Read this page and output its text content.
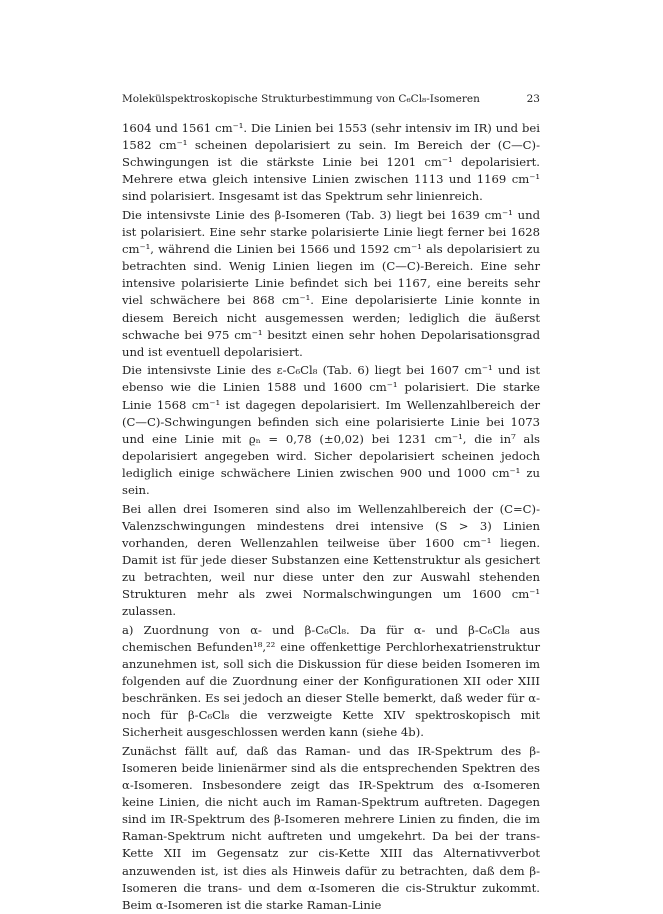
Molekülspektroskopische Strukturbestimmung von C₆Cl₈-Isomeren	23

1604 und 1561 cm⁻¹. Die Linien bei 1553 (sehr intensiv im IR) und bei 1582 cm⁻¹ scheinen depolarisiert zu sein. Im Bereich der (C—C)-Schwingungen ist die stärkste Linie bei 1201 cm⁻¹ depolarisiert. Mehrere etwa gleich intensive Linien zwischen 1113 und 1169 cm⁻¹ sind polarisiert. Insgesamt ist das Spektrum sehr linienreich.

Die intensivste Linie des β-Isomeren (Tab. 3) liegt bei 1639 cm⁻¹ und ist polarisiert. Eine sehr starke polarisierte Linie liegt ferner bei 1628 cm⁻¹, während die Linien bei 1566 und 1592 cm⁻¹ als depolarisiert zu betrachten sind. Wenig Linien liegen im (C—C)-Bereich. Eine sehr intensive polarisierte Linie befindet sich bei 1167, eine bereits sehr viel schwächere bei 868 cm⁻¹. Eine depolarisierte Linie konnte in diesem Bereich nicht ausgemessen werden; lediglich die äußerst schwache bei 975 cm⁻¹ besitzt einen sehr hohen Depolarisationsgrad und ist eventuell depolarisiert.

Die intensivste Linie des ε-C₆Cl₈ (Tab. 6) liegt bei 1607 cm⁻¹ und ist ebenso wie die Linien 1588 und 1600 cm⁻¹ polarisiert. Die starke Linie 1568 cm⁻¹ ist dagegen depolarisiert. Im Wellenzahlbereich der (C—C)-Schwingungen befinden sich eine polarisierte Linie bei 1073 und eine Linie mit ϱₙ = 0,78 (±0,02) bei 1231 cm⁻¹, die in⁷ als depolarisiert angegeben wird. Sicher depolarisiert scheinen jedoch lediglich einige schwächere Linien zwischen 900 und 1000 cm⁻¹ zu sein.

Bei allen drei Isomeren sind also im Wellenzahlbereich der (C=C)-Valenzschwingungen mindestens drei intensive (S > 3) Linien vorhanden, deren Wellenzahlen teilweise über 1600 cm⁻¹ liegen. Damit ist für jede dieser Substanzen eine Kettenstruktur als gesichert zu betrachten, weil nur diese unter den zur Auswahl stehenden Strukturen mehr als zwei Normalschwingungen um 1600 cm⁻¹ zulassen.

a) Zuordnung von α- und β-C₆Cl₈. Da für α- und β-C₆Cl₈ aus chemischen Befunden¹⁸,²² eine offenkettige Perchlorhexatrienstruktur anzunehmen ist, soll sich die Diskussion für diese beiden Isomeren im folgenden auf die Zuordnung einer der Konfigurationen XII oder XIII beschränken. Es sei jedoch an dieser Stelle bemerkt, daß weder für α- noch für β-C₆Cl₈ die verzweigte Kette XIV spektroskopisch mit Sicherheit ausgeschlossen werden kann (siehe 4b).

Zunächst fällt auf, daß das Raman- und das IR-Spektrum des β-Isomeren beide linienärmer sind als die entsprechenden Spektren des α-Isomeren. Insbesondere zeigt das IR-Spektrum des α-Isomeren keine Linien, die nicht auch im Raman-Spektrum auftreten. Dagegen sind im IR-Spektrum des β-Isomeren mehrere Linien zu finden, die im Raman-Spektrum nicht auftreten und umgekehrt. Da bei der trans-Kette XII im Gegensatz zur cis-Kette XIII das Alternativverbot anzuwenden ist, ist dies als Hinweis dafür zu betrachten, daß dem β-Isomeren die trans- und dem α-Isomeren die cis-Struktur zukommt. Beim α-Isomeren ist die starke Raman-Linie
